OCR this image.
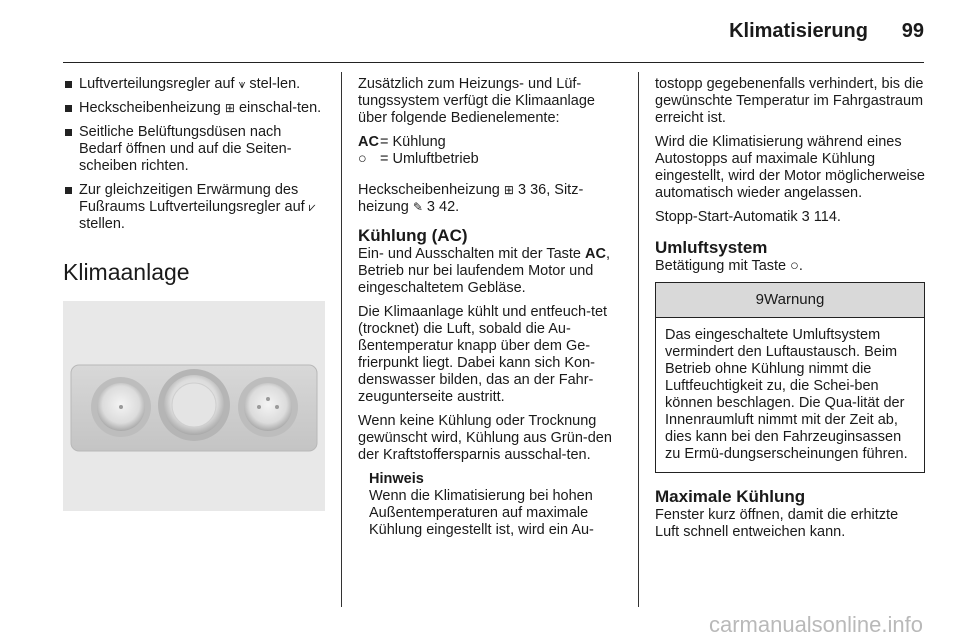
Klimatisierung	99
Luftverteilungsregler auf ⩛ stel-len.
Heckscheibenheizung ⊞ einschal-ten.
Seitliche Belüftungsdüsen nach Bedarf öffnen und auf die Seiten-scheiben richten.
Zur gleichzeitigen Erwärmung des Fußraums Luftverteilungsregler auf ⩗ stellen.
Klimaanlage

Zusätzlich zum Heizungs- und Lüf-tungssystem verfügt die Klimaanlage über folgende Bedienelemente:

AC = Kühlung
○ = Umluftbetrieb

Heckscheibenheizung ⊞ 3 36, Sitz-
heizung ✎ 3 42.

Kühlung (AC)

Ein- und Ausschalten mit der Taste AC, Betrieb nur bei laufendem Motor und eingeschaltetem Gebläse.

Die Klimaanlage kühlt und entfeuch-tet (trocknet) die Luft, sobald die Au-ßentemperatur knapp über dem Ge-frierpunkt liegt. Dabei kann sich Kon-denswasser bilden, das an der Fahr-zeugunterseite austritt.

Wenn keine Kühlung oder Trocknung gewünscht wird, Kühlung aus Grün-den der Kraftstoffersparnis ausschal-ten.

Hinweis
Wenn die Klimatisierung bei hohen Außentemperaturen auf maximale Kühlung eingestellt ist, wird ein Au-

tostopp gegebenenfalls verhindert, bis die gewünschte Temperatur im Fahrgastraum erreicht ist.

Wird die Klimatisierung während eines Autostopps auf maximale Kühlung eingestellt, wird der Motor möglicherweise automatisch wieder angelassen.

Stopp-Start-Automatik 3 114.

Umluftsystem

Betätigung mit Taste ○.

9Warnung
Das eingeschaltete Umluftsystem vermindert den Luftaustausch. Beim Betrieb ohne Kühlung nimmt die Luftfeuchtigkeit zu, die Schei-ben können beschlagen. Die Qua-lität der Innenraumluft nimmt mit der Zeit ab, dies kann bei den Fahrzeuginsassen zu Ermü-dungserscheinungen führen.
Maximale Kühlung

Fenster kurz öffnen, damit die erhitzte Luft schnell entweichen kann.

carmanualsonline.info
